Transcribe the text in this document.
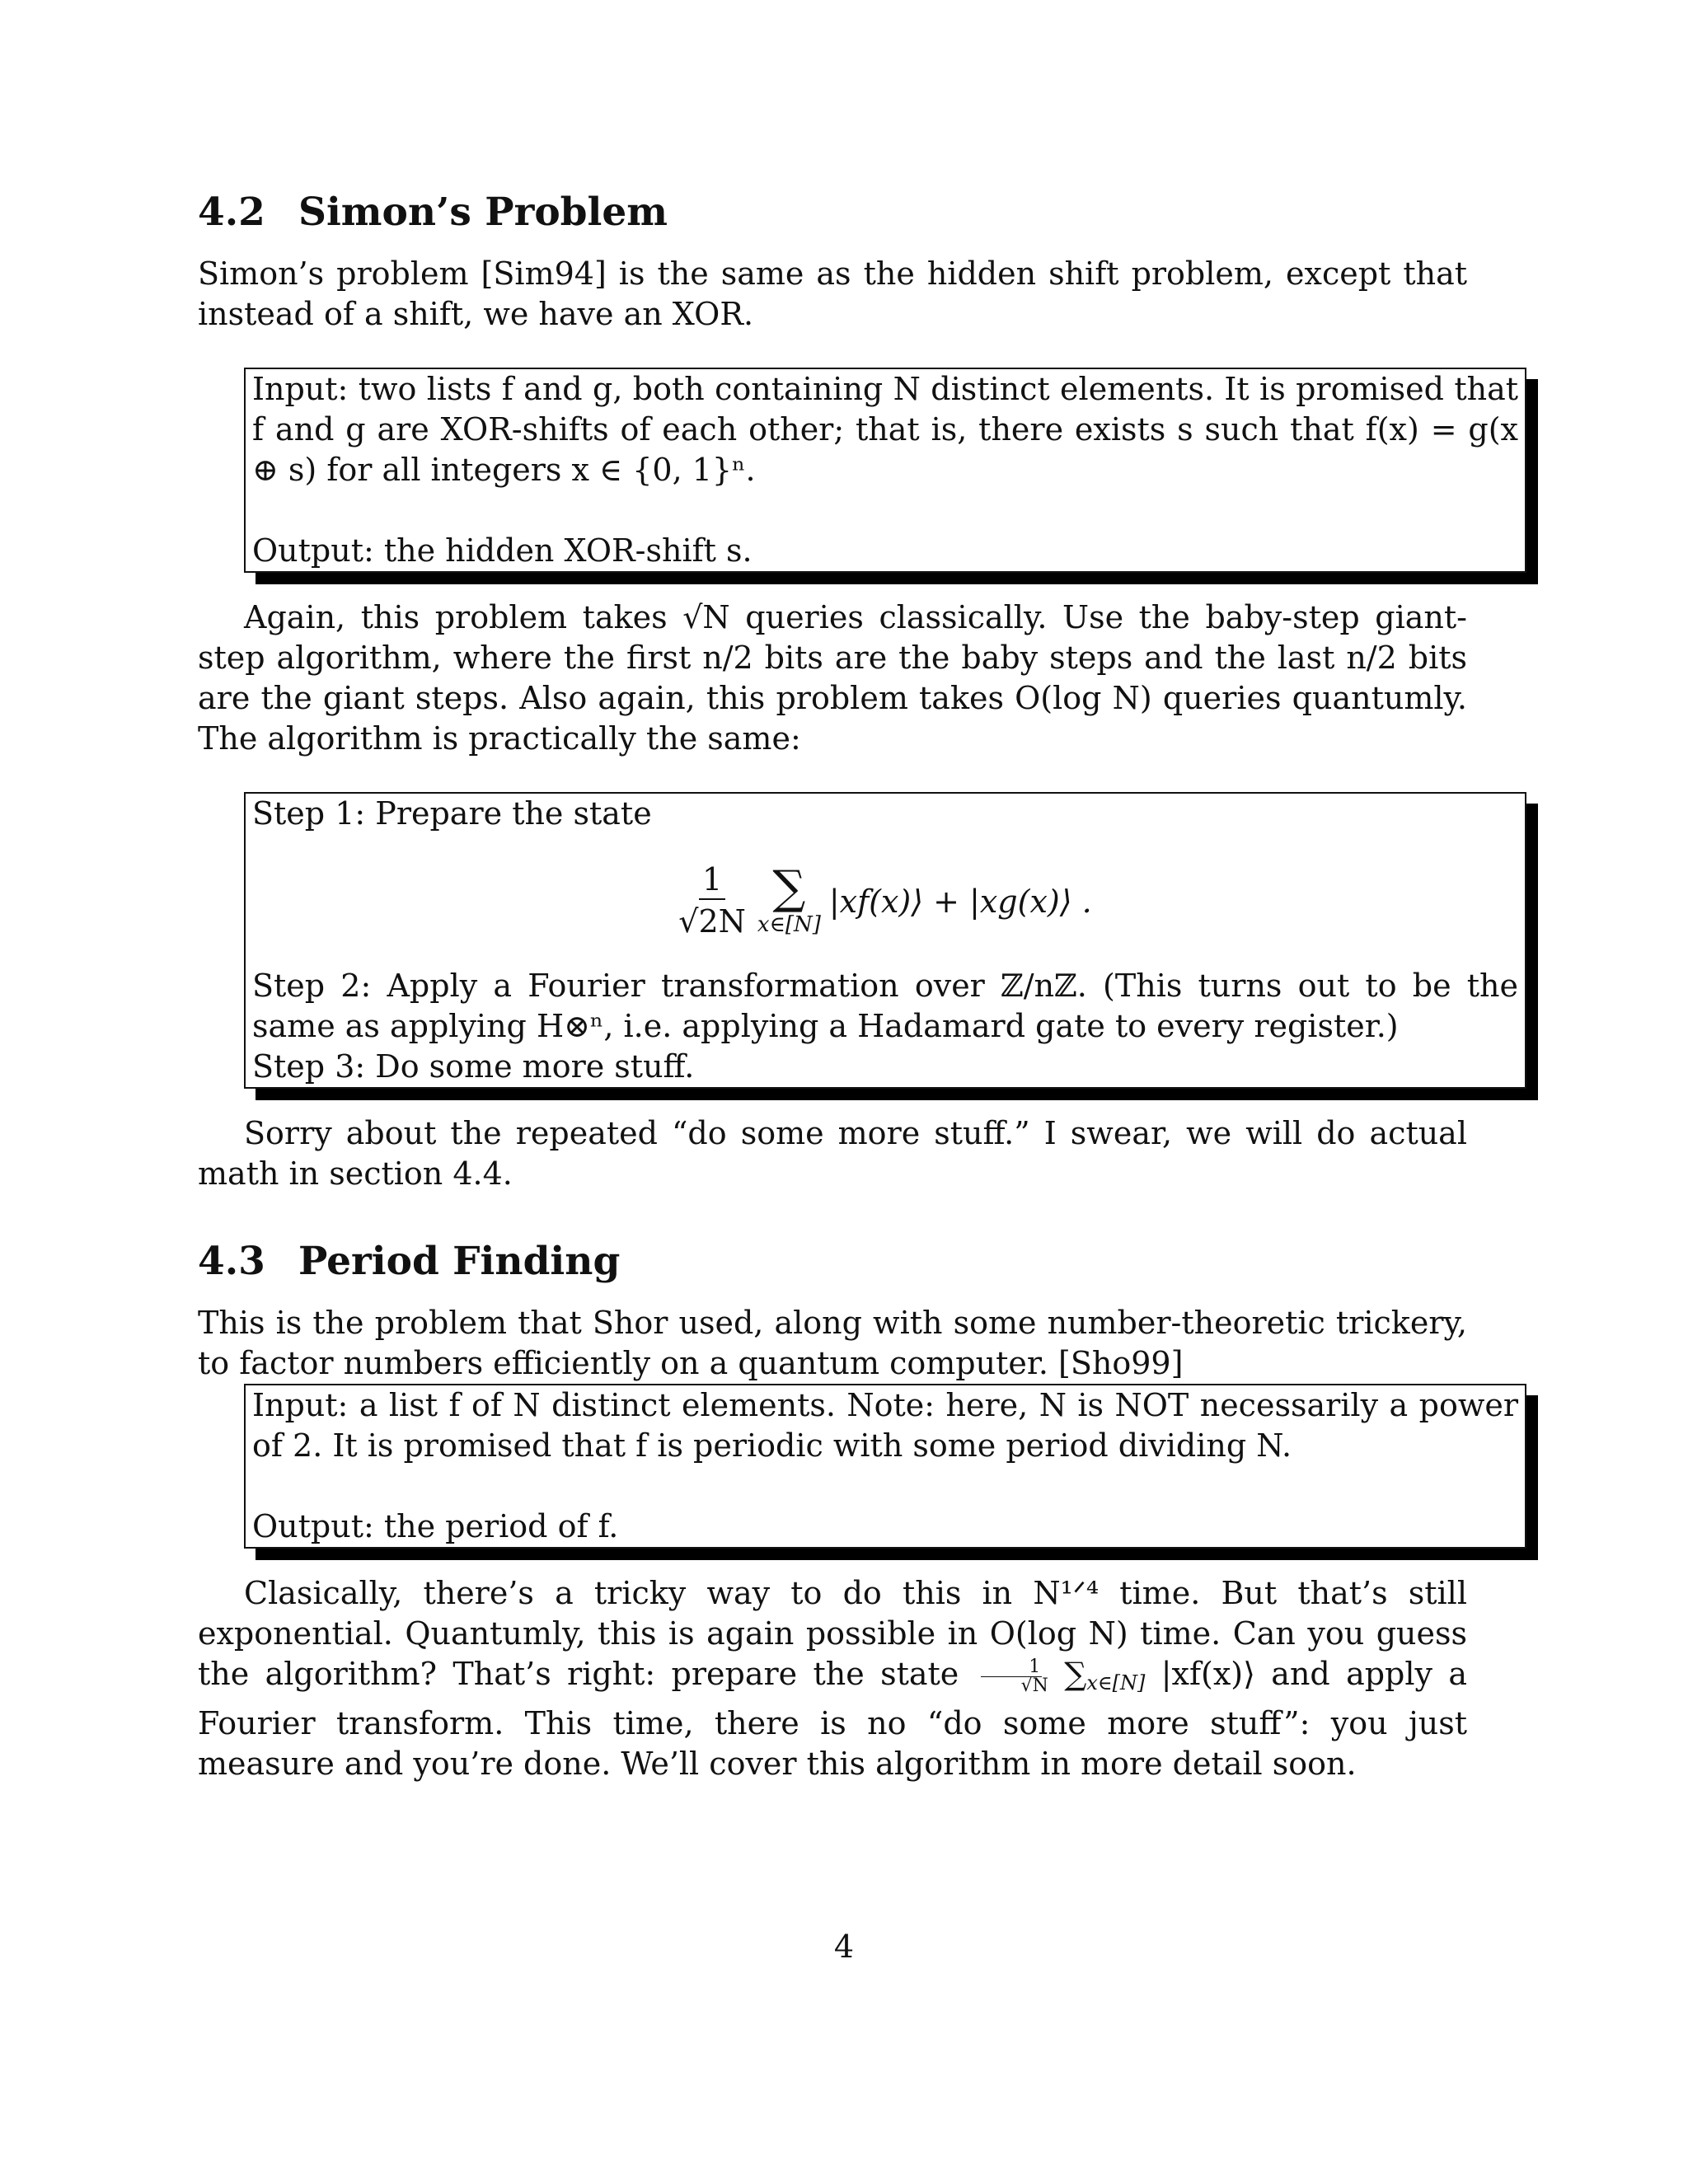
4.2 Simon’s Problem

Simon’s problem [Sim94] is the same as the hidden shift problem, except that instead of a shift, we have an XOR.

Input: two lists f and g, both containing N distinct elements. It is promised that f and g are XOR-shifts of each other; that is, there exists s such that f(x) = g(x ⊕ s) for all integers x ∈ {0, 1}ⁿ.

Output: the hidden XOR-shift s.

Again, this problem takes √N queries classically. Use the baby-step giant-step algorithm, where the first n/2 bits are the baby steps and the last n/2 bits are the giant steps. Also again, this problem takes O(log N) queries quantumly. The algorithm is practically the same:

Step 1: Prepare the state

$\frac{1}{√2N}$ ∑
x∈[N]
|xf(x)⟩ + |xg(x)⟩ .

Step 2: Apply a Fourier transformation over ℤ/nℤ. (This turns out to be the same as applying H⊗ⁿ, i.e. applying a Hadamard gate to every register.)

Step 3: Do some more stuff.

Sorry about the repeated “do some more stuff.” I swear, we will do actual math in section 4.4.

4.3 Period Finding

This is the problem that Shor used, along with some number-theoretic trickery, to factor numbers efficiently on a quantum computer. [Sho99]

Input: a list f of N distinct elements. Note: here, N is NOT necessarily a power of 2. It is promised that f is periodic with some period dividing N.

Output: the period of f.

Clasically, there’s a tricky way to do this in N¹ᐟ⁴ time. But that’s still exponential. Quantumly, this is again possible in O(log N) time. Can you guess the algorithm? That’s right: prepare the state $\frac{1}{√N}$ ∑x∈[N] |xf(x)⟩ and apply a Fourier transform. This time, there is no “do some more stuff”: you just measure and you’re done. We’ll cover this algorithm in more detail soon.

4
